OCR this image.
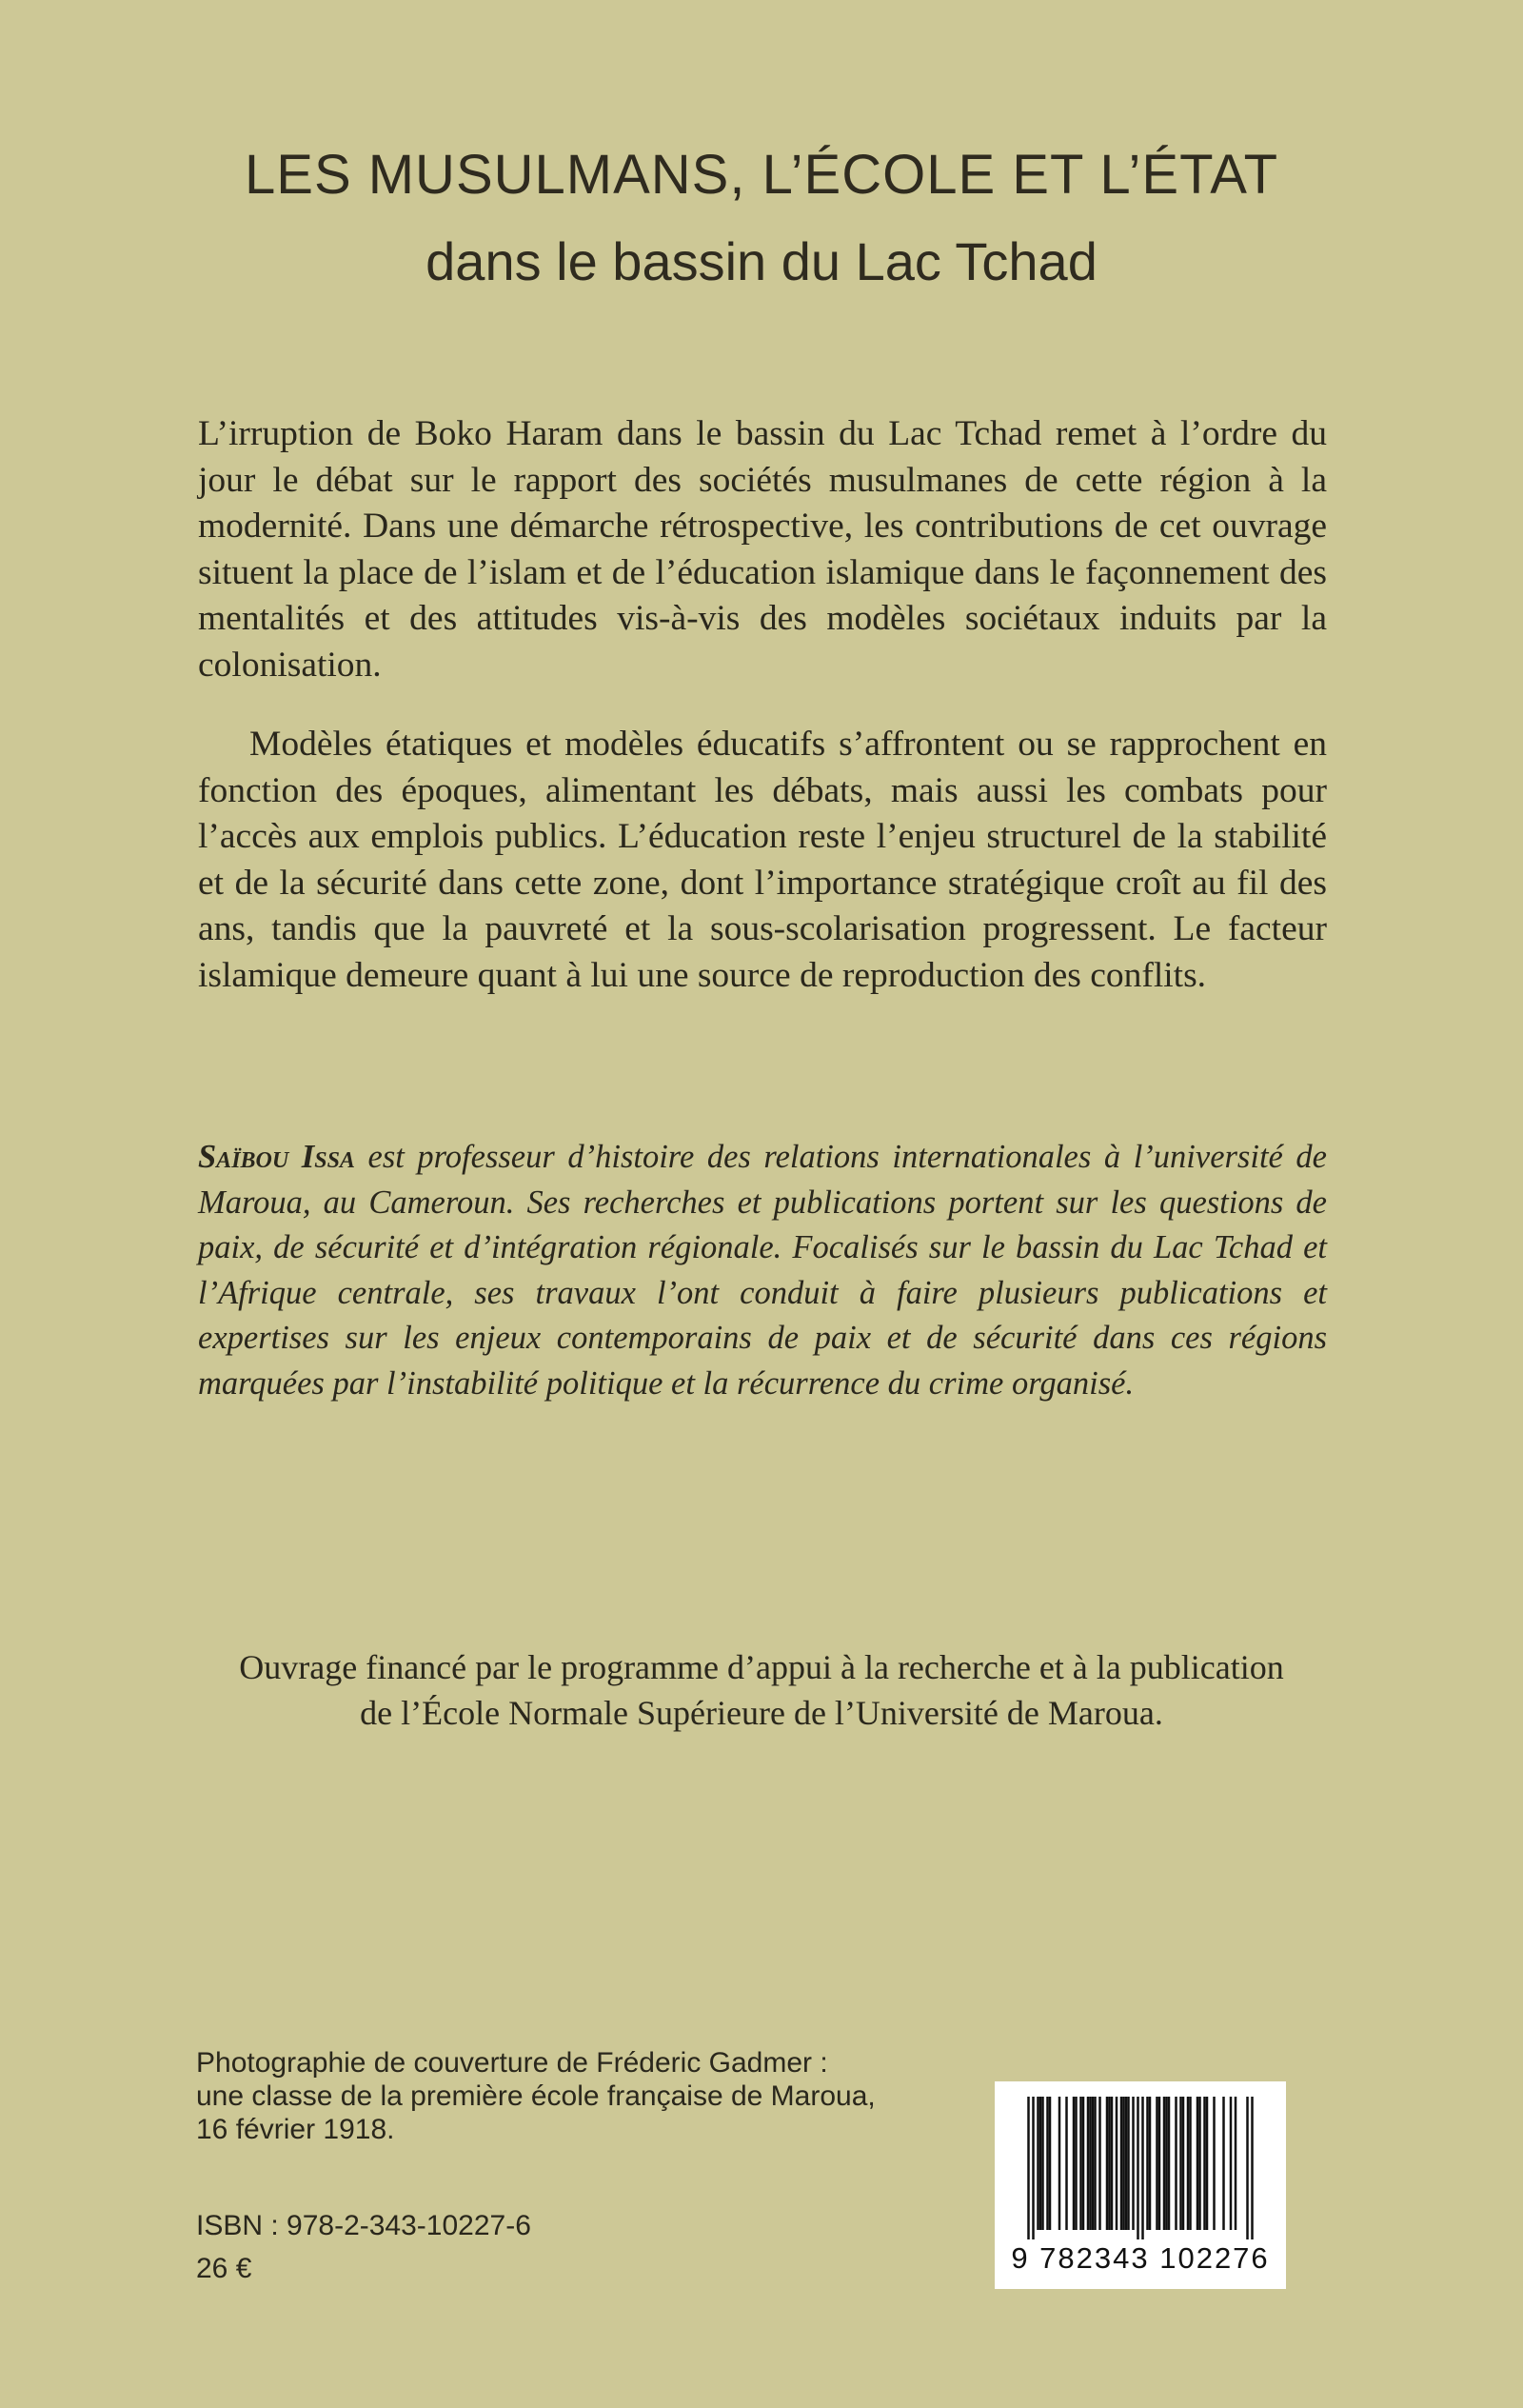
LES MUSULMANS, L’ÉCOLE ET L’ÉTAT
dans le bassin du Lac Tchad

L’irruption de Boko Haram dans le bassin du Lac Tchad remet à l’ordre du jour le débat sur le rapport des sociétés musulmanes de cette région à la modernité. Dans une démarche rétrospective, les contributions de cet ouvrage situent la place de l’islam et de l’éducation islamique dans le façonnement des mentalités et des attitudes vis-à-vis des modèles sociétaux induits par la colonisation.

Modèles étatiques et modèles éducatifs s’affrontent ou se rapprochent en fonction des époques, alimentant les débats, mais aussi les combats pour l’accès aux emplois publics. L’éducation reste l’enjeu structurel de la stabilité et de la sécurité dans cette zone, dont l’importance stratégique croît au fil des ans, tandis que la pauvreté et la sous-scolarisation progressent. Le facteur islamique demeure quant à lui une source de reproduction des conflits.

Saïbou Issa est professeur d’histoire des relations internationales à l’université de Maroua, au Cameroun. Ses recherches et publications portent sur les questions de paix, de sécurité et d’intégration régionale. Focalisés sur le bassin du Lac Tchad et l’Afrique centrale, ses travaux l’ont conduit à faire plusieurs publications et expertises sur les enjeux contemporains de paix et de sécurité dans ces régions marquées par l’instabilité politique et la récurrence du crime organisé.

Ouvrage financé par le programme d’appui à la recherche et à la publication
de l’École Normale Supérieure de l’Université de Maroua.

Photographie de couverture de Fréderic Gadmer :
une classe de la première école française de Maroua,
16 février 1918.

ISBN : 978-2-343-10227-6

26 €	9 782343 102276
